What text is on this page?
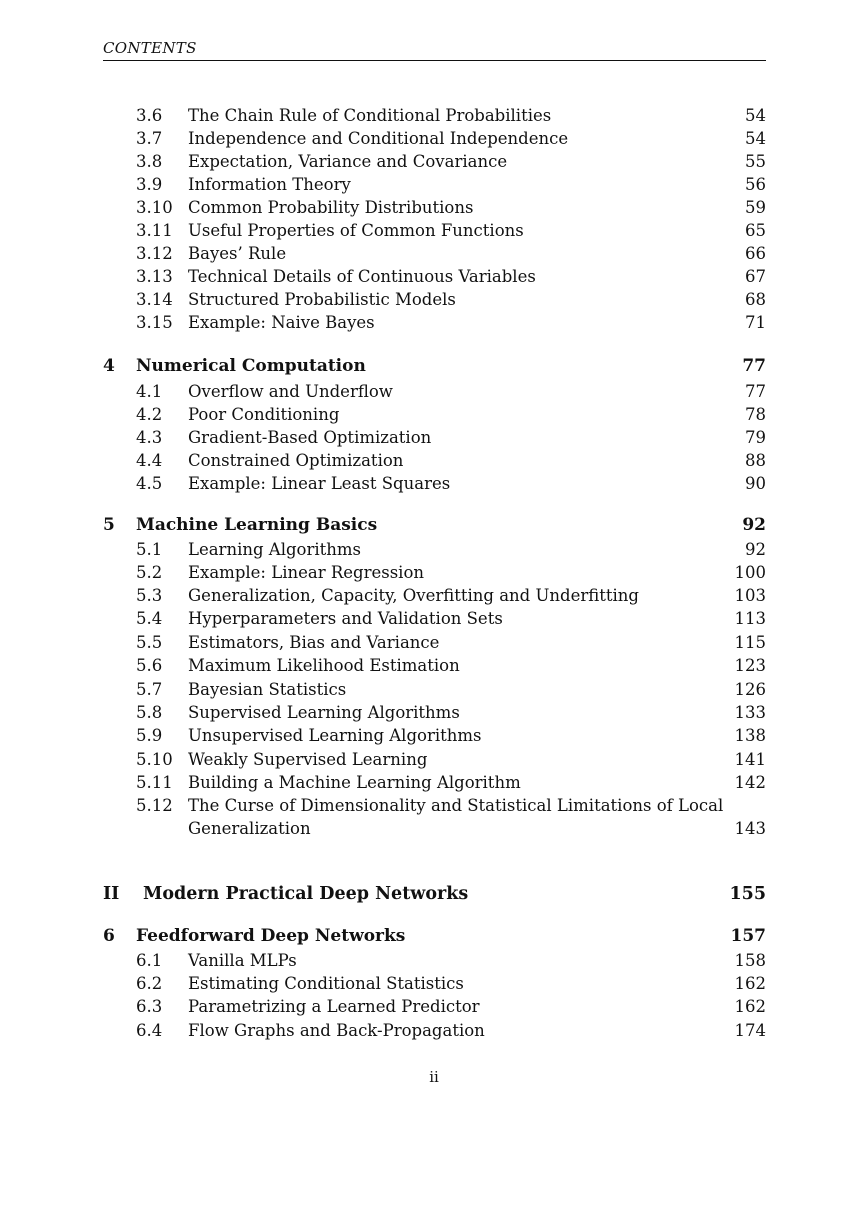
CONTENTS
3.6 The Chain Rule of Conditional Probabilities	54
3.7 Independence and Conditional Independence	54
3.8 Expectation, Variance and Covariance	55
3.9 Information Theory	56
3.10 Common Probability Distributions	59
3.11 Useful Properties of Common Functions	65
3.12 Bayes’ Rule	66
3.13 Technical Details of Continuous Variables	67
3.14 Structured Probabilistic Models	68
3.15 Example: Naive Bayes	71
4 Numerical Computation	77
4.1 Overflow and Underflow	77
4.2 Poor Conditioning	78
4.3 Gradient-Based Optimization	79
4.4 Constrained Optimization	88
4.5 Example: Linear Least Squares	90
5 Machine Learning Basics	92
5.1 Learning Algorithms	92
5.2 Example: Linear Regression	100
5.3 Generalization, Capacity, Overfitting and Underfitting	103
5.4 Hyperparameters and Validation Sets	113
5.5 Estimators, Bias and Variance	115
5.6 Maximum Likelihood Estimation	123
5.7 Bayesian Statistics	126
5.8 Supervised Learning Algorithms	133
5.9 Unsupervised Learning Algorithms	138
5.10 Weakly Supervised Learning	141
5.11 Building a Machine Learning Algorithm	142
5.12 The Curse of Dimensionality and Statistical Limitations of Local
Generalization	143
II Modern Practical Deep Networks	155
6 Feedforward Deep Networks	157
6.1 Vanilla MLPs	158
6.2 Estimating Conditional Statistics	162
6.3 Parametrizing a Learned Predictor	162
6.4 Flow Graphs and Back-Propagation	174
ii
